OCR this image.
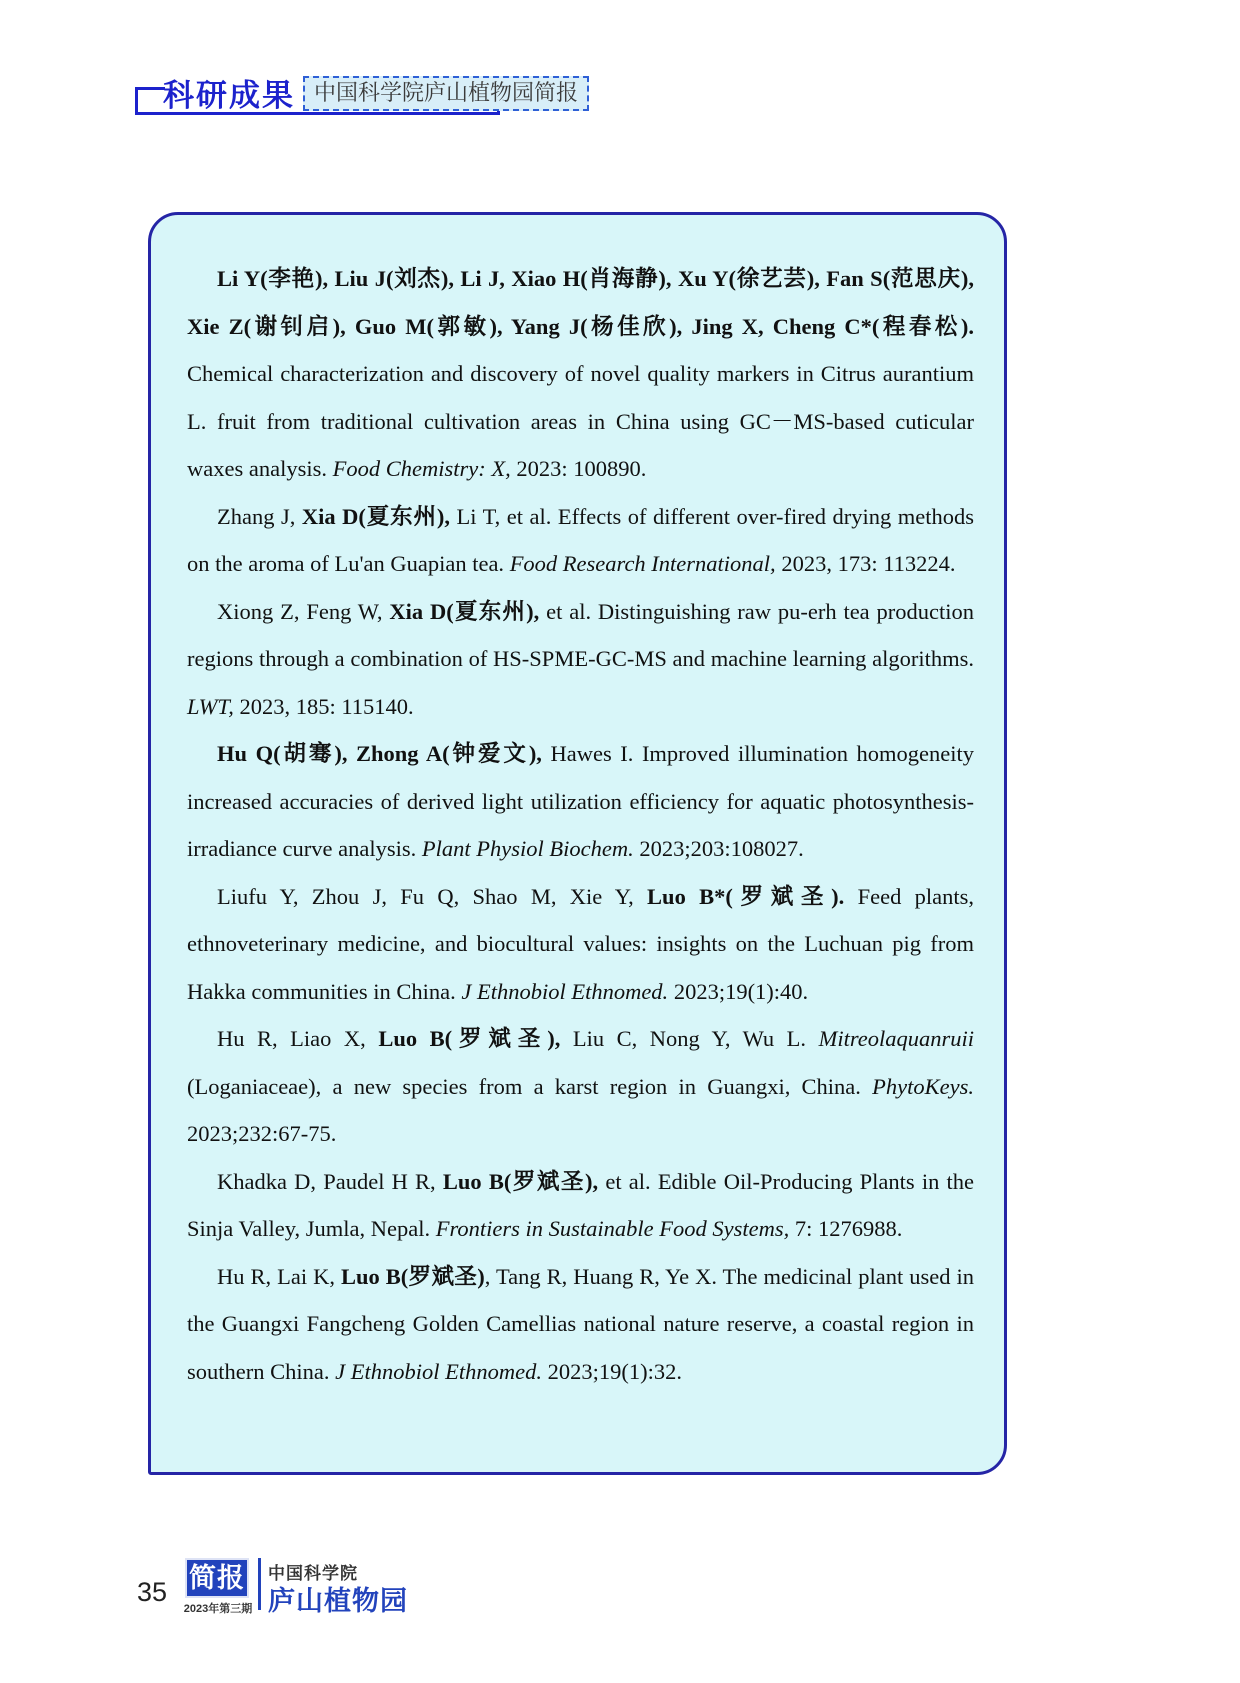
科研成果 中国科学院庐山植物园简报

Li Y(李艳), Liu J(刘杰), Li J, Xiao H(肖海静), Xu Y(徐艺芸), Fan S(范思庆), Xie Z(谢钊启), Guo M(郭敏), Yang J(杨佳欣), Jing X, Cheng C*(程春松). Chemical characterization and discovery of novel quality markers in Citrus aurantium L. fruit from traditional cultivation areas in China using GC－MS-based cuticular waxes analysis. Food Chemistry: X, 2023: 100890.

Zhang J, Xia D(夏东州), Li T, et al. Effects of different over-fired drying methods on the aroma of Lu'an Guapian tea. Food Research International, 2023, 173: 113224.

Xiong Z, Feng W, Xia D(夏东州), et al. Distinguishing raw pu-erh tea production regions through a combination of HS-SPME-GC-MS and machine learning algorithms. LWT, 2023, 185: 115140.

Hu Q(胡骞), Zhong A(钟爱文), Hawes I. Improved illumination homogeneity increased accuracies of derived light utilization efficiency for aquatic photosynthesis-irradiance curve analysis. Plant Physiol Biochem. 2023;203:108027.

Liufu Y, Zhou J, Fu Q, Shao M, Xie Y, Luo B*(罗斌圣). Feed plants, ethnoveterinary medicine, and biocultural values: insights on the Luchuan pig from Hakka communities in China. J Ethnobiol Ethnomed. 2023;19(1):40.

Hu R, Liao X, Luo B(罗斌圣), Liu C, Nong Y, Wu L. Mitreolaquanruii (Loganiaceae), a new species from a karst region in Guangxi, China. PhytoKeys. 2023;232:67-75.

Khadka D, Paudel H R, Luo B(罗斌圣), et al. Edible Oil-Producing Plants in the Sinja Valley, Jumla, Nepal. Frontiers in Sustainable Food Systems, 7: 1276988.

Hu R, Lai K, Luo B(罗斌圣), Tang R, Huang R, Ye X. The medicinal plant used in the Guangxi Fangcheng Golden Camellias national nature reserve, a coastal region in southern China. J Ethnobiol Ethnomed. 2023;19(1):32.

35 简报
2023年第三期
中国科学院
庐山植物园
